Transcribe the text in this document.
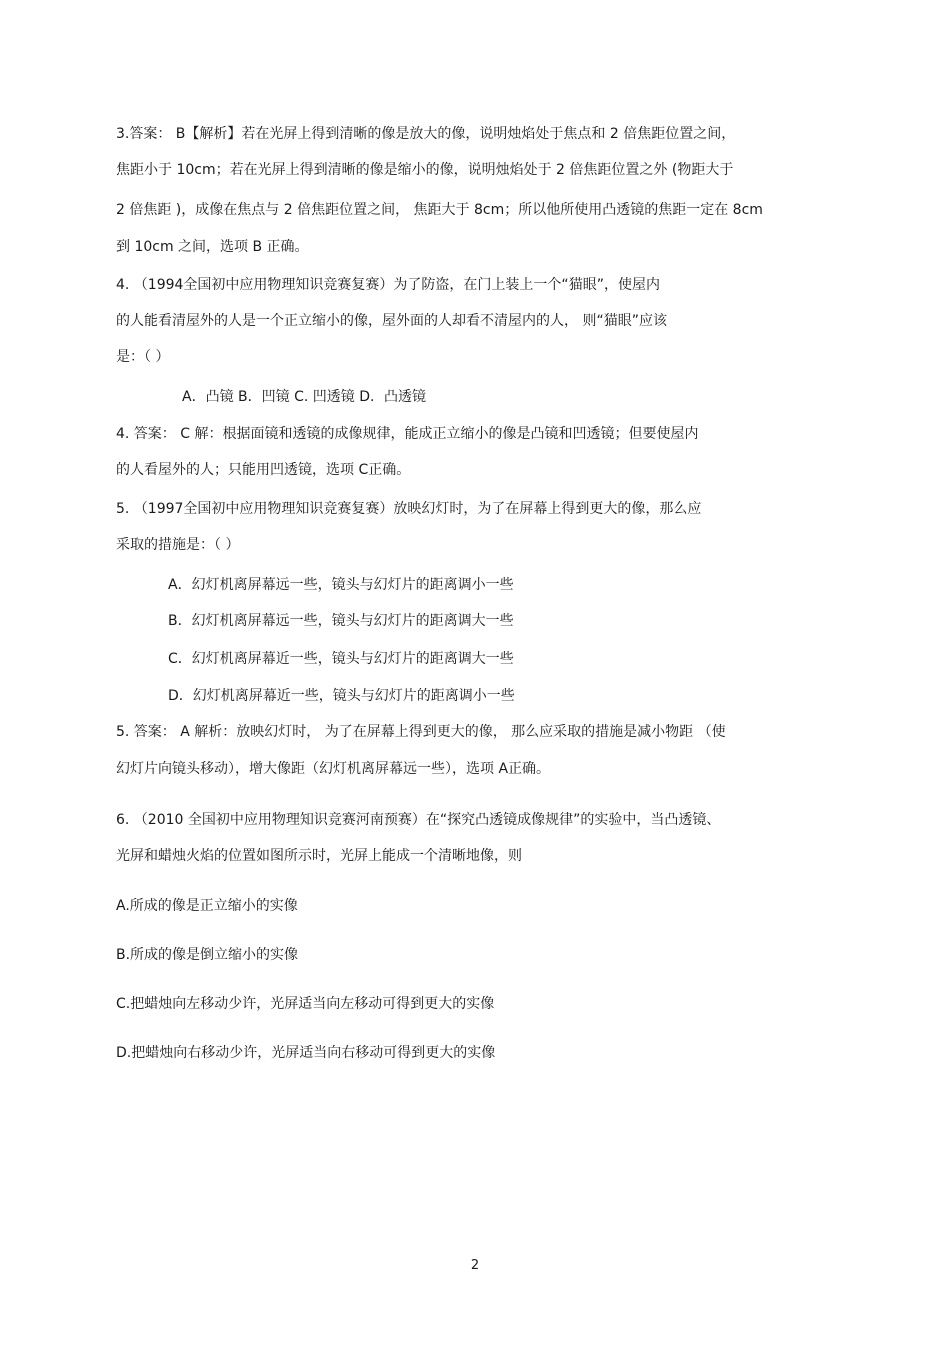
3.答案： B【解析】若在光屏上得到清晰的像是放大的像，说明烛焰处于焦点和 2 倍焦距位置之间，
焦距小于 10cm；若在光屏上得到清晰的像是缩小的像，说明烛焰处于 2 倍焦距位置之外 (物距大于
2 倍焦距 )，成像在焦点与 2 倍焦距位置之间， 焦距大于 8cm；所以他所使用凸透镜的焦距一定在 8cm
到 10cm 之间，选项 B 正确。
4. （1994全国初中应用物理知识竞赛复赛）为了防盗，在门上装上一个“猫眼”，使屋内
的人能看清屋外的人是一个正立缩小的像，屋外面的人却看不清屋内的人， 则“猫眼”应该
是：（ ）
A．凸镜 B．凹镜 C. 凹透镜 D．凸透镜
4. 答案： C 解：根据面镜和透镜的成像规律，能成正立缩小的像是凸镜和凹透镜；但要使屋内
的人看屋外的人；只能用凹透镜，选项 C正确。
5. （1997全国初中应用物理知识竞赛复赛）放映幻灯时，为了在屏幕上得到更大的像，那么应
采取的措施是：（ ）
A．幻灯机离屏幕远一些，镜头与幻灯片的距离调小一些
B．幻灯机离屏幕远一些，镜头与幻灯片的距离调大一些
C．幻灯机离屏幕近一些，镜头与幻灯片的距离调大一些
D．幻灯机离屏幕近一些，镜头与幻灯片的距离调小一些
5. 答案： A 解析：放映幻灯时， 为了在屏幕上得到更大的像， 那么应采取的措施是减小物距 （使
幻灯片向镜头移动），增大像距（幻灯机离屏幕远一些），选项 A正确。
6. （2010 全国初中应用物理知识竞赛河南预赛）在“探究凸透镜成像规律”的实验中，当凸透镜、
光屏和蜡烛火焰的位置如图所示时，光屏上能成一个清晰地像，则
A.所成的像是正立缩小的实像
B.所成的像是倒立缩小的实像
C.把蜡烛向左移动少许，光屏适当向左移动可得到更大的实像
D.把蜡烛向右移动少许，光屏适当向右移动可得到更大的实像
2
